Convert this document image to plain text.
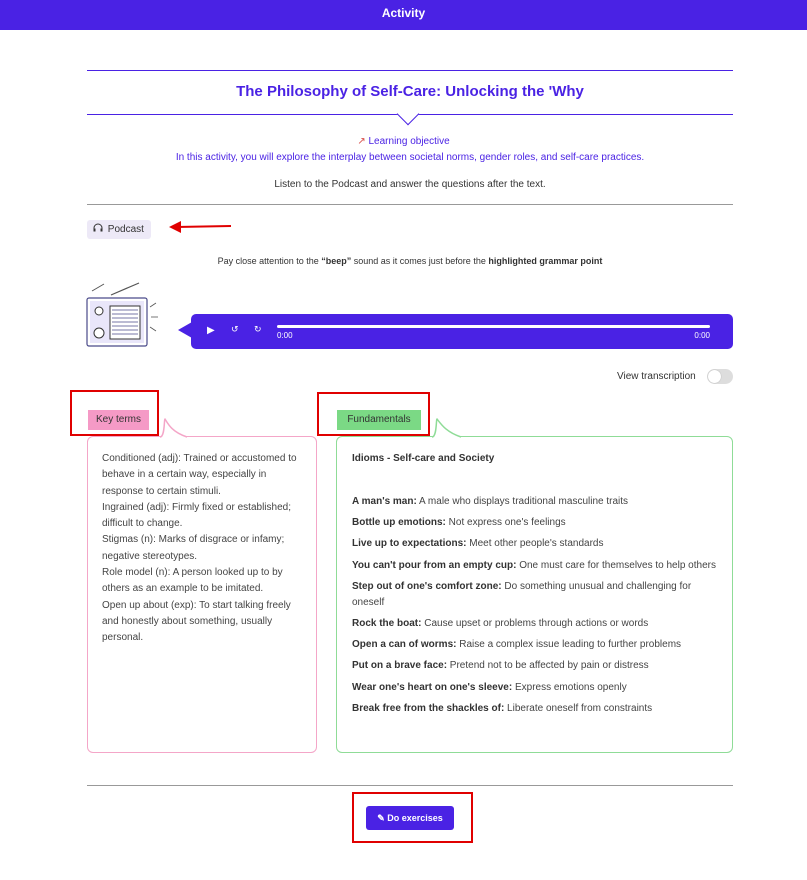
Activity
The Philosophy of Self-Care: Unlocking the 'Why
↗ Learning objective
In this activity, you will explore the interplay between societal norms, gender roles, and self-care practices.
Listen to the Podcast and answer the questions after the text.
Podcast
Pay close attention to the “beep” sound as it comes just before the highlighted grammar point
▶ ↺ ↻
0:00	0:00
View transcription
Key terms	Fundamentals
Conditioned (adj): Trained or accustomed to behave in a certain way, especially in response to certain stimuli.
Ingrained (adj): Firmly fixed or established; difficult to change.
Stigmas (n): Marks of disgrace or infamy; negative stereotypes.
Role model (n): A person looked up to by others as an example to be imitated.
Open up about (exp): To start talking freely and honestly about something, usually personal.
Idioms - Self-care and Society
A man's man: A male who displays traditional masculine traits
Bottle up emotions: Not express one's feelings
Live up to expectations: Meet other people's standards
You can't pour from an empty cup: One must care for themselves to help others
Step out of one's comfort zone: Do something unusual and challenging for oneself
Rock the boat: Cause upset or problems through actions or words
Open a can of worms: Raise a complex issue leading to further problems
Put on a brave face: Pretend not to be affected by pain or distress
Wear one's heart on one's sleeve: Express emotions openly
Break free from the shackles of: Liberate oneself from constraints
✎ Do exercises
